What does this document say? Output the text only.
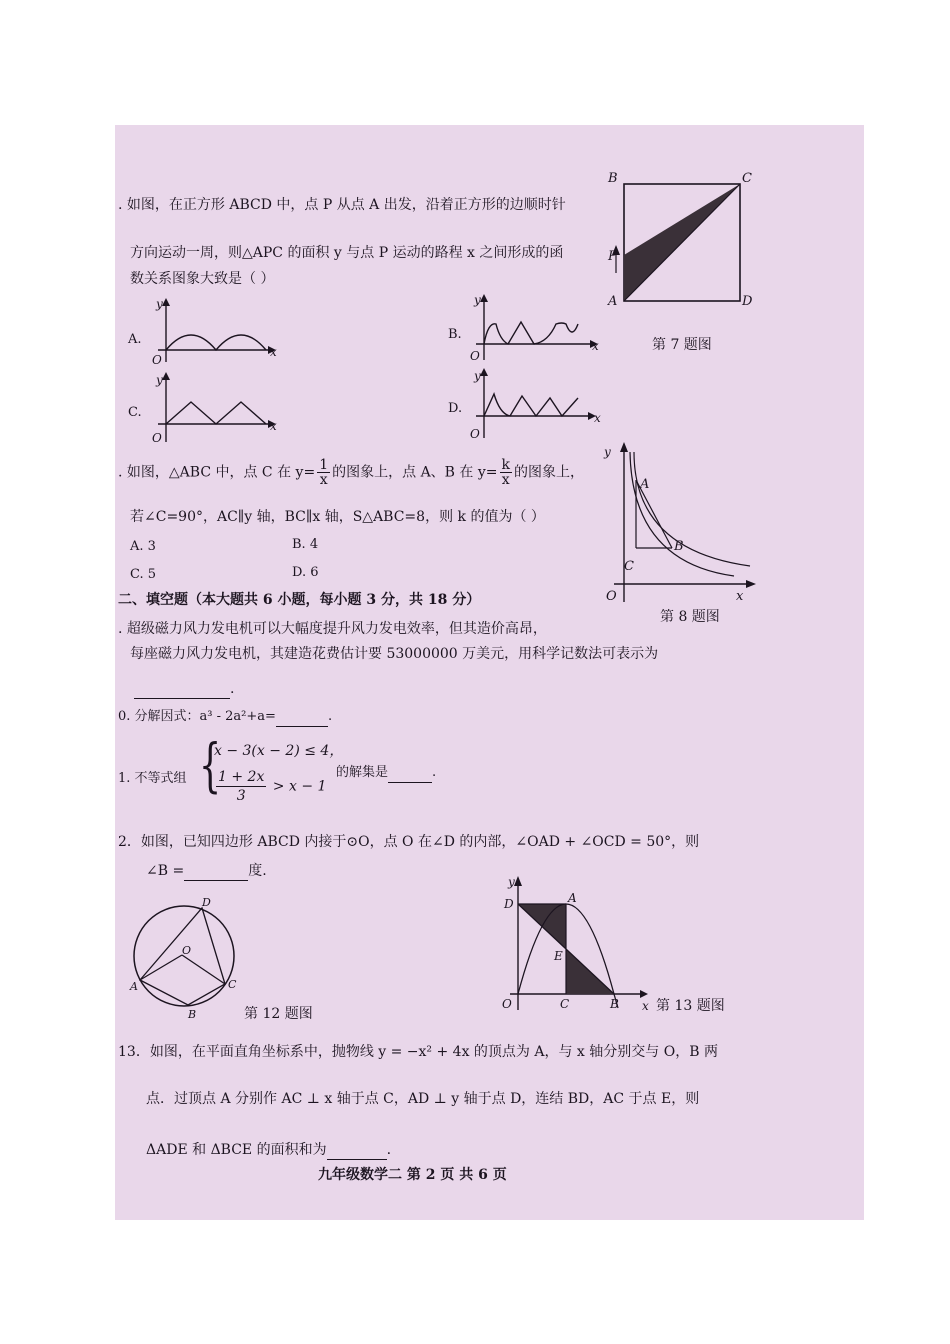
. 如图，在正方形 ABCD 中，点 P 从点 A 出发，沿着正方形的边顺时针
方向运动一周，则△APC 的面积 y 与点 P 运动的路程 x 之间形成的函
数关系图象大致是（ ）
B	C
P
A	D
第 7 题图
A.
y
O
x
B.
y
O
x
C.
y
O
x
D.
y
O
x
. 如图，△ABC 中，点 C 在 $y= \frac{1}{x}$ 的图象上，点 A、B 在 $y= \frac{k}{x}$ 的图象上，
若∠C=90°，AC∥y 轴，BC∥x 轴，S△ABC=8，则 k 的值为（ ）
A. 3	B. 4
C. 5	D. 6
y
A
B
C
O	x
第 8 题图
二、填空题（本大题共 6 小题，每小题 3 分，共 18 分）
. 超级磁力风力发电机可以大幅度提升风力发电效率，但其造价高昂，
每座磁力风力发电机，其建造花费估计要 53000000 万美元，用科学记数法可表示为
.
0. 分解因式：a³ - 2a²+a=	.
1. 不等式组 {
x − 3(x − 2) ≤ 4，
$\frac{1 + 2x}{3} > x - 1$
的解集是	.
2．如图，已知四边形 ABCD 内接于⊙O，点 O 在∠D 的内部，∠OAD + ∠OCD = 50°，则
∠B =	度.
D
O
A	C
B	第 12 题图
y
D	A
E
O	C	B x 第 13 题图
13．如图，在平面直角坐标系中，抛物线 y = −x² + 4x 的顶点为 A，与 x 轴分别交与 O，B 两
点．过顶点 A 分别作 AC ⊥ x 轴于点 C，AD ⊥ y 轴于点 D，连结 BD，AC 于点 E，则
ΔADE 和 ΔBCE 的面积和为	.
九年级数学二 第 2 页 共 6 页
